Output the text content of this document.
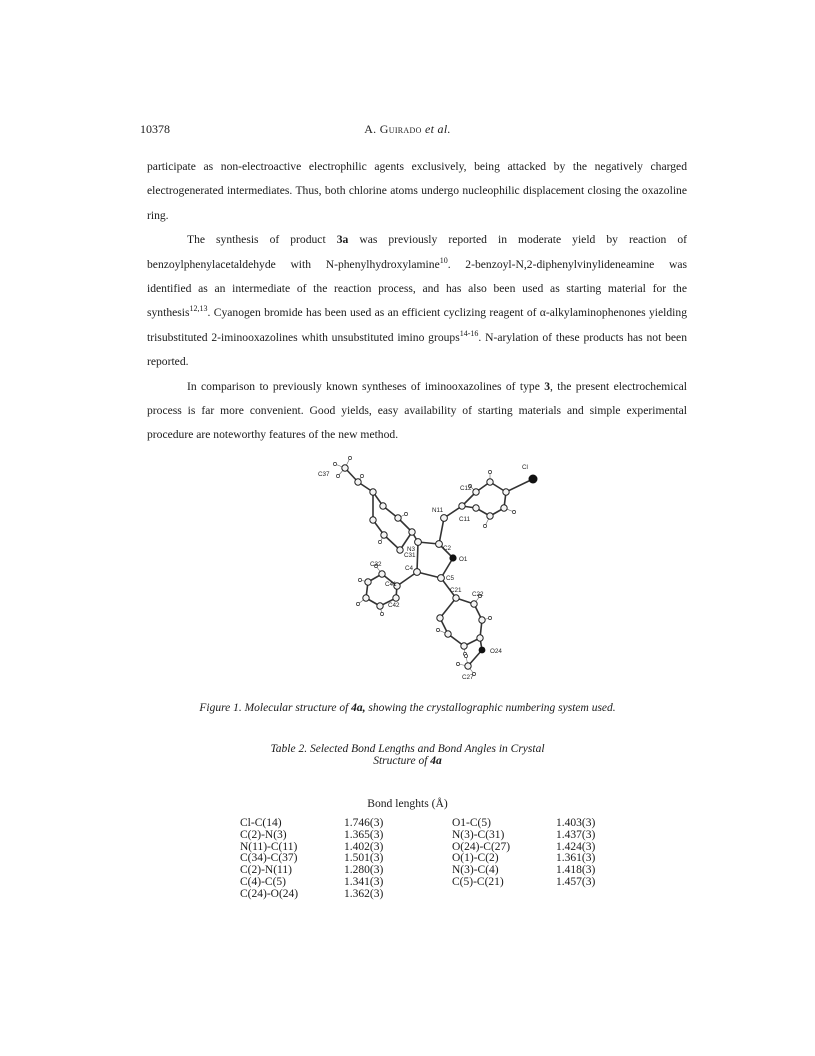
10378	A. Guirado et al.

participate as non-electroactive electrophilic agents exclusively, being attacked by the negatively charged electrogenerated intermediates. Thus, both chlorine atoms undergo nucleophilic displacement closing the oxazoline ring.

The synthesis of product 3a was previously reported in moderate yield by reaction of benzoylphenylacetaldehyde with N-phenylhydroxylamine$^{10}$. 2-benzoyl-N,2-diphenylvinylideneamine was identified as an intermediate of the reaction process, and has also been used as starting material for the synthesis$^{12,13}$. Cyanogen bromide has been used as an efficient cyclizing reagent of α-alkylaminophenones yielding trisubstituted 2-iminooxazolines whith unsubstituted imino groups$^{14-16}$. N-arylation of these products has not been reported.

In comparison to previously known syntheses of iminooxazolines of type 3, the present electrochemical process is far more convenient. Good yields, easy availability of starting materials and simple experimental procedure are noteworthy features of the new method.

C37
C31
C32
N3	C2
N11
C11
C12
Cl
O1
C4
C41
C42
C5
C21
C22
O24
C27
Figure 1. Molecular structure of 4a, showing the crystallographic numbering system used.
Table 2. Selected Bond Lengths and Bond Angles in Crystal
Structure of 4a
Bond lenghts (Å)
Cl-C(14)	1.746(3)	O1-C(5)	1.403(3)
C(2)-N(3)	1.365(3)	N(3)-C(31)	1.437(3)
N(11)-C(11)	1.402(3)	O(24)-C(27)	1.424(3)
C(34)-C(37)	1.501(3)	O(1)-C(2)	1.361(3)
C(2)-N(11)	1.280(3)	N(3)-C(4)	1.418(3)
C(4)-C(5)	1.341(3)	C(5)-C(21)	1.457(3)
C(24)-O(24)	1.362(3)
